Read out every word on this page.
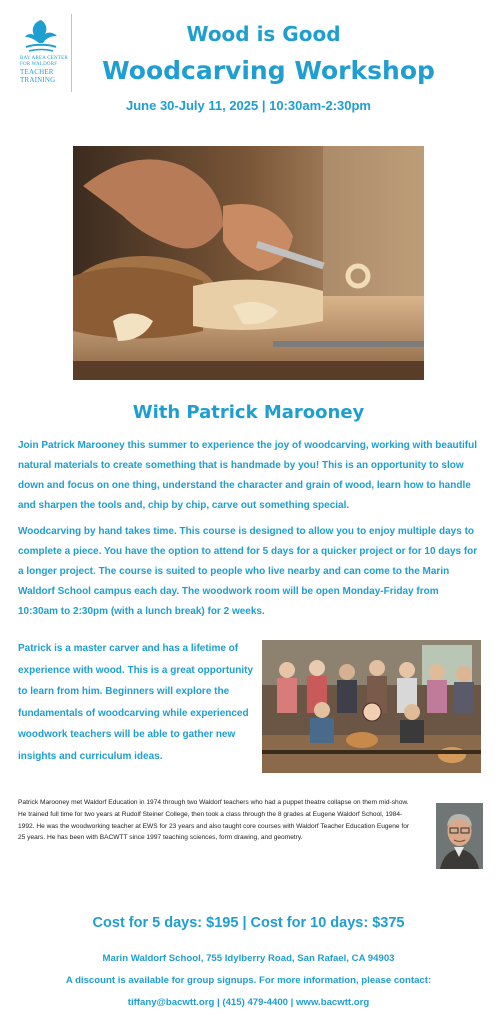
BAY AREA CENTER
FOR WALDORF
TEACHER
TRAINING
Wood is Good
Woodcarving Workshop
June 30-July 11, 2025 | 10:30am-2:30pm
With Patrick Marooney
Join Patrick Marooney this summer to experience the joy of woodcarving, working with beautiful natural materials to create something that is handmade by you! This is an opportunity to slow down and focus on one thing, understand the character and grain of wood, learn how to handle and sharpen the tools and, chip by chip, carve out something special.
Woodcarving by hand takes time. This course is designed to allow you to enjoy multiple days to complete a piece. You have the option to attend for 5 days for a quicker project or for 10 days for a longer project. The course is suited to people who live nearby and can come to the Marin Waldorf School campus each day. The woodwork room will be open Monday-Friday from 10:30am to 2:30pm (with a lunch break) for 2 weeks.
Patrick is a master carver and has a lifetime of experience with wood. This is a great opportunity to learn from him. Beginners will explore the fundamentals of woodcarving while experienced woodwork teachers will be able to gather new insights and curriculum ideas.
Patrick Marooney met Waldorf Education in 1974 through two Waldorf teachers who had a puppet theatre collapse on them mid-show. He trained full time for two years at Rudolf Steiner College, then took a class through the 8 grades at Eugene Waldorf School, 1984-1992. He was the woodworking teacher at EWS for 23 years and also taught core courses with Waldorf Teacher Education Eugene for 25 years. He has been with BACWTT since 1997 teaching sciences, form drawing, and geometry.
Cost for 5 days: $195 | Cost for 10 days: $375
Marin Waldorf School, 755 Idylberry Road, San Rafael, CA 94903
A discount is available for group signups. For more information, please contact:
tiffany@bacwtt.org | (415) 479-4400 | www.bacwtt.org
